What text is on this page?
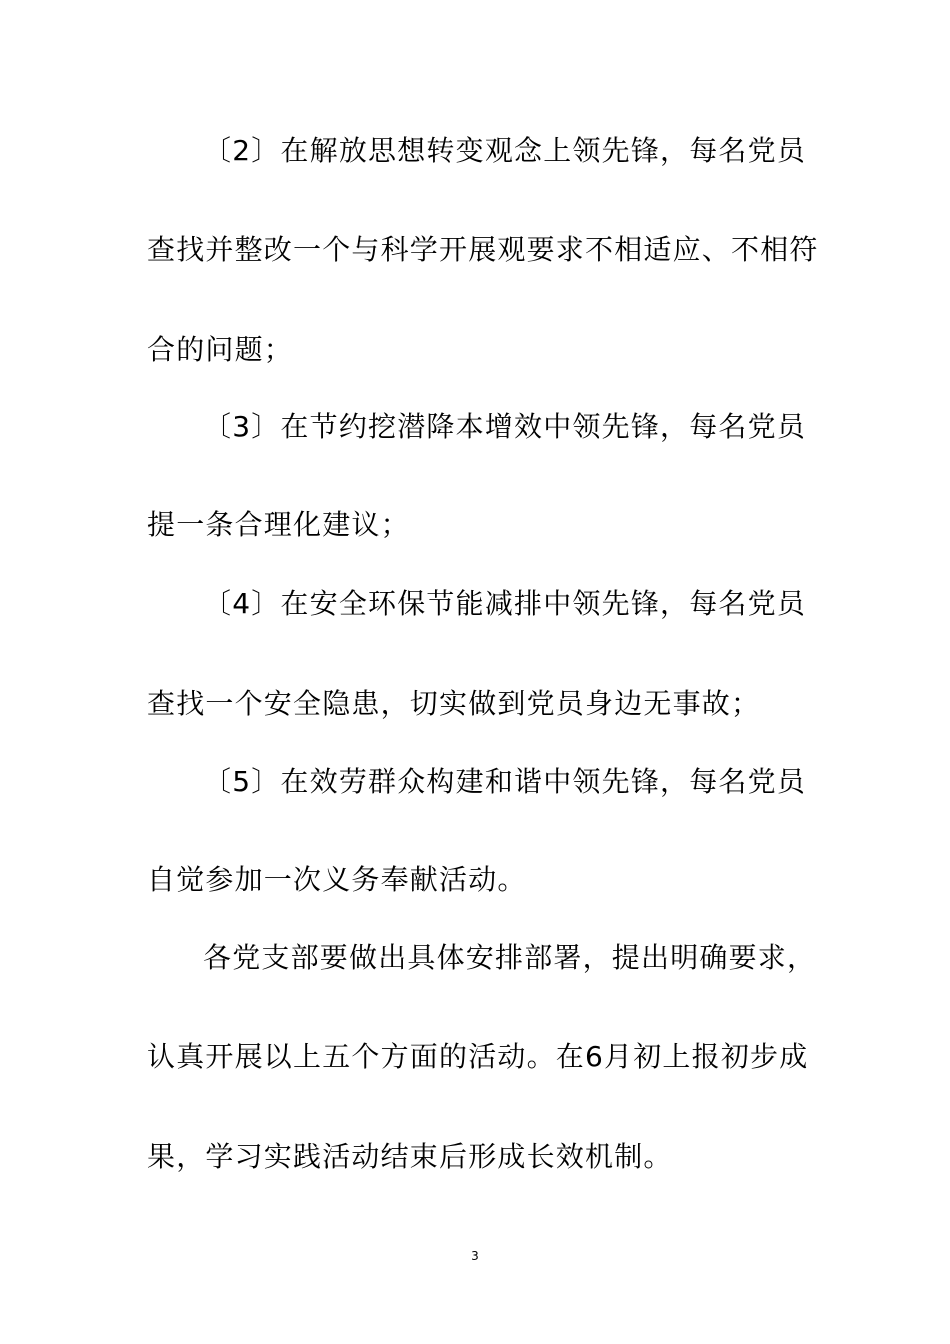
〔2〕在解放思想转变观念上领先锋，每名党员
查找并整改一个与科学开展观要求不相适应、不相符
合的问题；
〔3〕在节约挖潜降本增效中领先锋，每名党员
提一条合理化建议；
〔4〕在安全环保节能减排中领先锋，每名党员
查找一个安全隐患，切实做到党员身边无事故；
〔5〕在效劳群众构建和谐中领先锋，每名党员
自觉参加一次义务奉献活动。
各党支部要做出具体安排部署，提出明确要求，
认真开展以上五个方面的活动。在6月初上报初步成
果，学习实践活动结束后形成长效机制。
3
